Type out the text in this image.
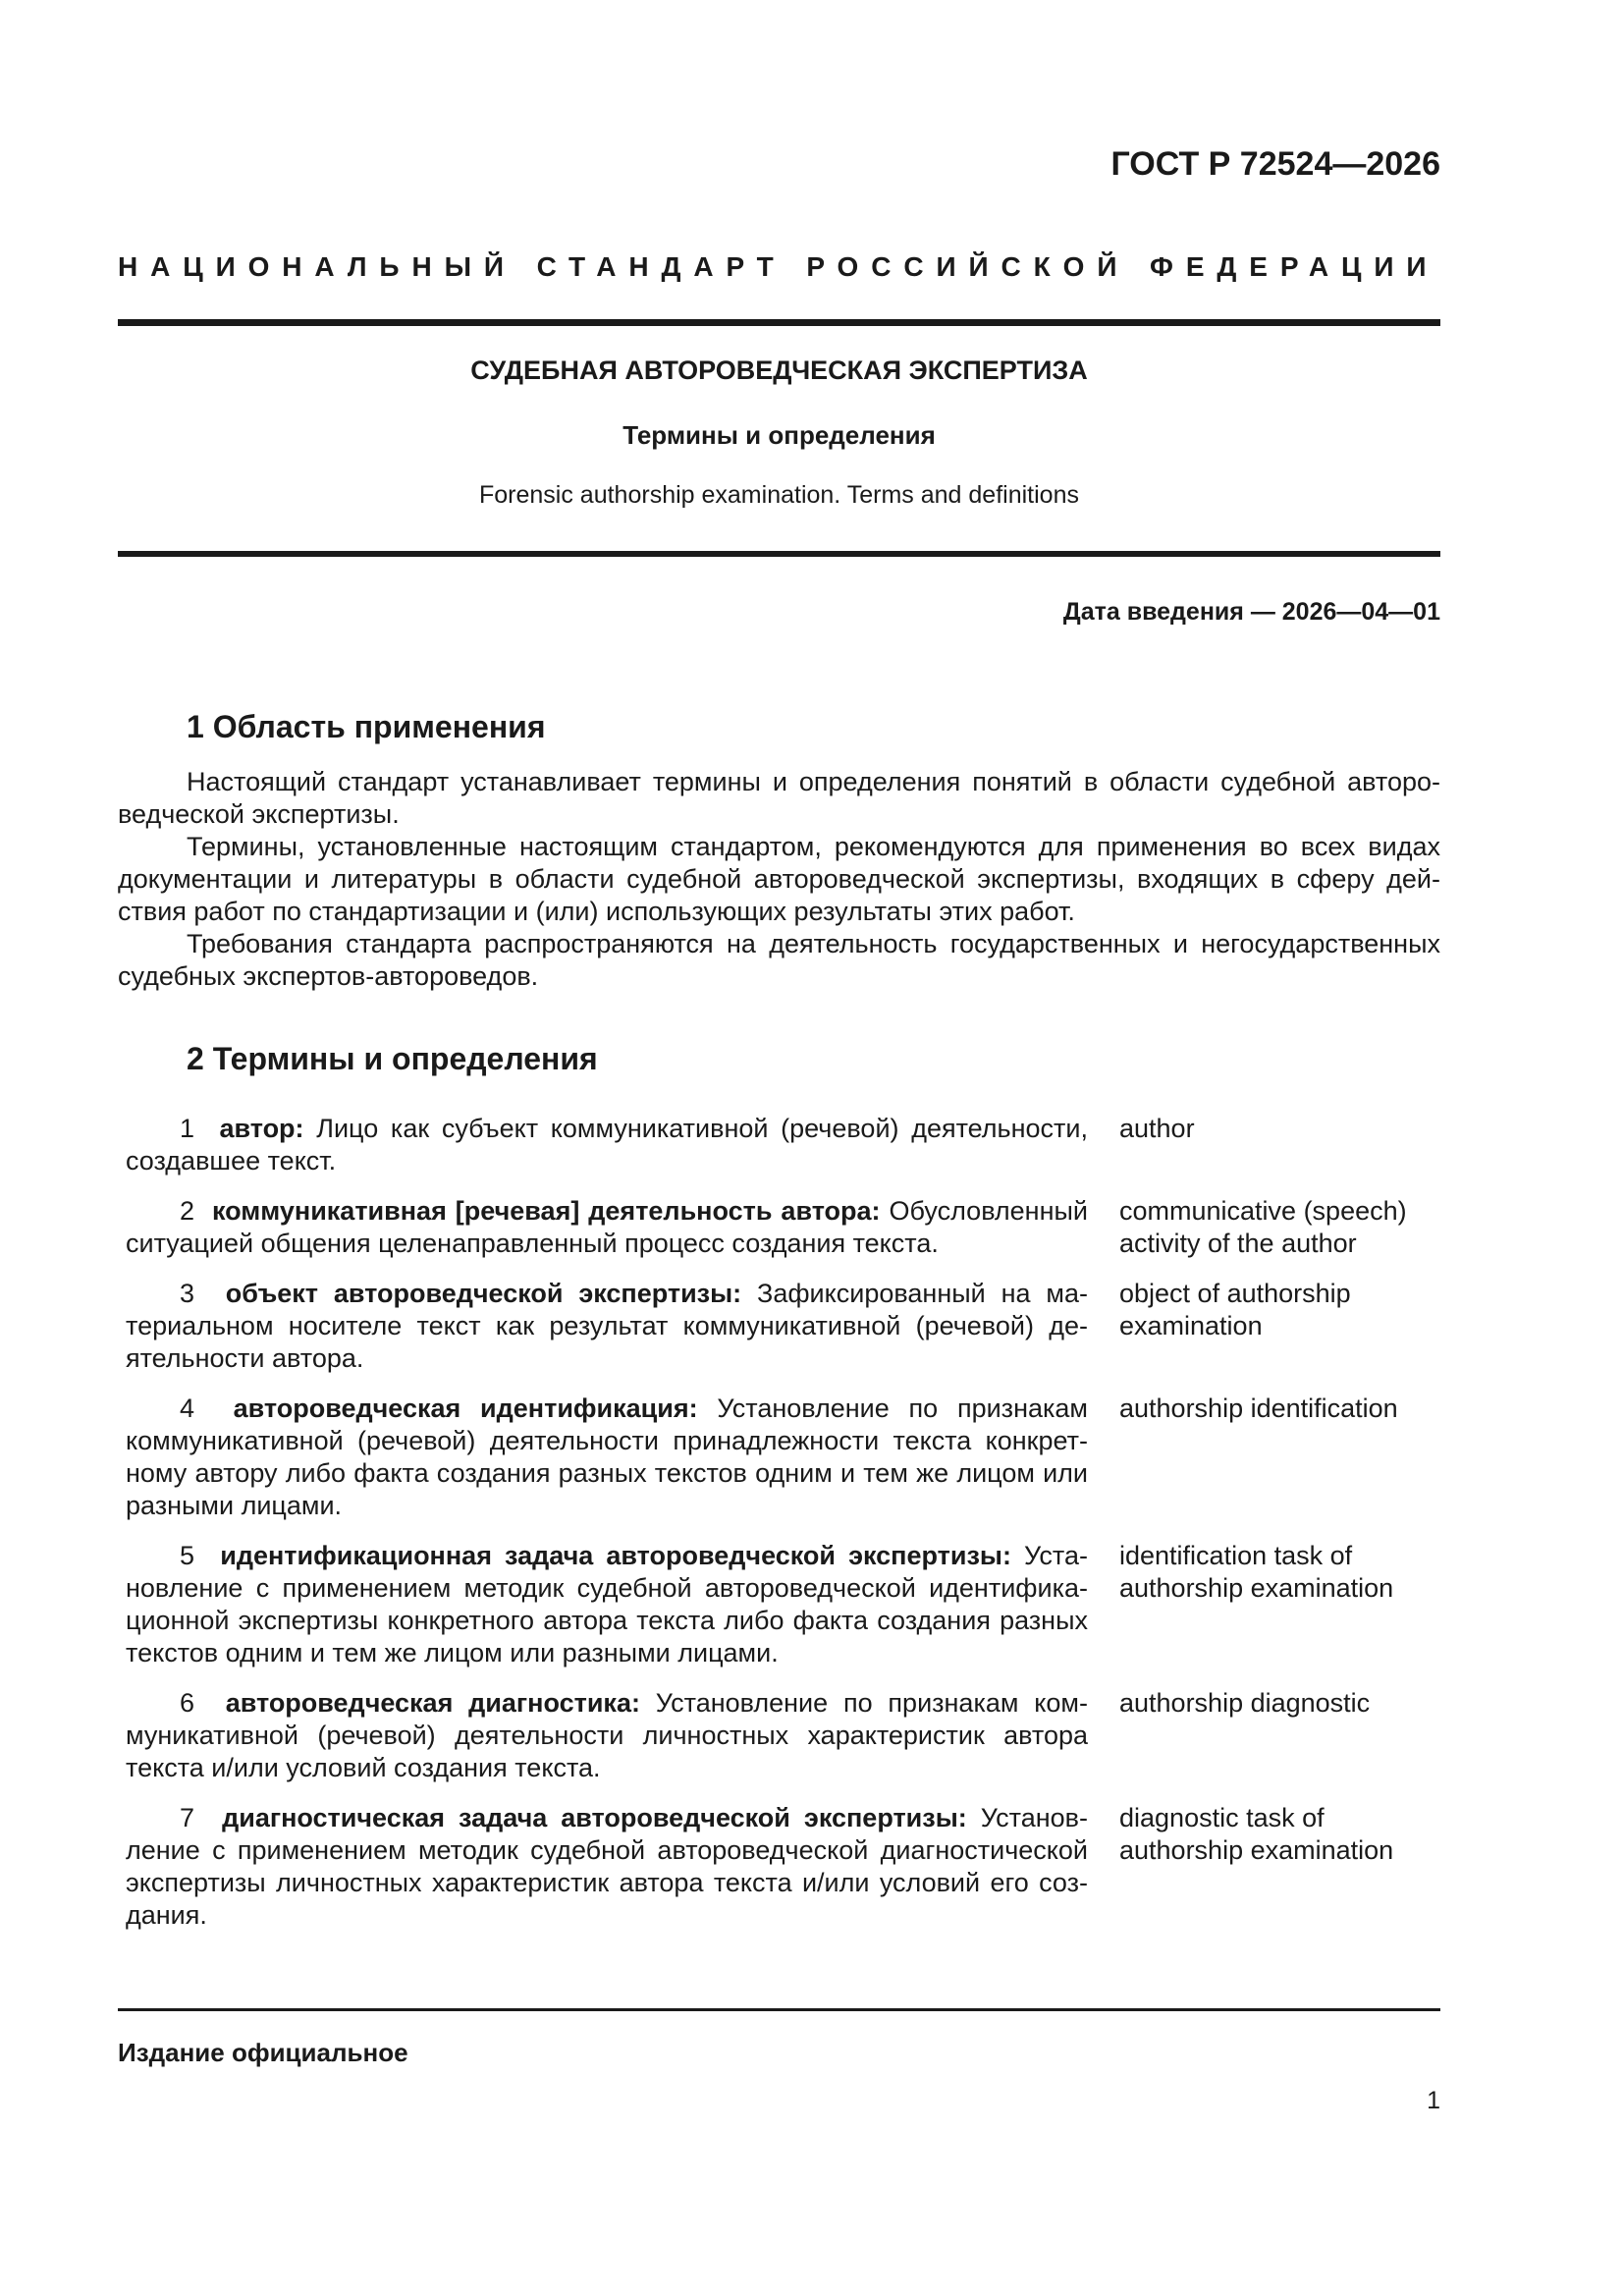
ГОСТ Р 72524—2026
НАЦИОНАЛЬНЫЙ СТАНДАРТ РОССИЙСКОЙ ФЕДЕРАЦИИ
СУДЕБНАЯ АВТОРОВЕДЧЕСКАЯ ЭКСПЕРТИЗА
Термины и определения
Forensic authorship examination. Terms and definitions
Дата введения — 2026—04—01
1 Область применения

Настоящий стандарт устанавливает термины и определения понятий в области судебной автороведческой экспертизы.

Термины, установленные настоящим стандартом, рекомендуются для применения во всех видах документации и литературы в области судебной автороведческой экспертизы, входящих в сферу действия работ по стандартизации и (или) использующих результаты этих работ.

Требования стандарта распространяются на деятельность государственных и негосударственных судебных экспертов-автороведов.

2 Термины и определения
1 автор: Лицо как субъект коммуникативной (речевой) деятельности, создавшее текст.
author
2 коммуникативная [речевая] деятельность автора: Обусловленный ситуацией общения целенаправленный процесс создания текста.
communicative (speech) activity of the author
3 объект автороведческой экспертизы: Зафиксированный на материальном носителе текст как результат коммуникативной (речевой) деятельности автора.
object of authorship examination
4 автороведческая идентификация: Установление по признакам коммуникативной (речевой) деятельности принадлежности текста конкретному автору либо факта создания разных текстов одним и тем же лицом или разными лицами.
authorship identification
5 идентификационная задача автороведческой экспертизы: Установление с применением методик судебной автороведческой идентификационной экспертизы конкретного автора текста либо факта создания разных текстов одним и тем же лицом или разными лицами.
identification task of authorship examination
6 автороведческая диагностика: Установление по признакам коммуникативной (речевой) деятельности личностных характеристик автора текста и/или условий создания текста.
authorship diagnostic
7 диагностическая задача автороведческой экспертизы: Установление с применением методик судебной автороведческой диагностической экспертизы личностных характеристик автора текста и/или условий его создания.
diagnostic task of authorship examination
Издание официальное
1
